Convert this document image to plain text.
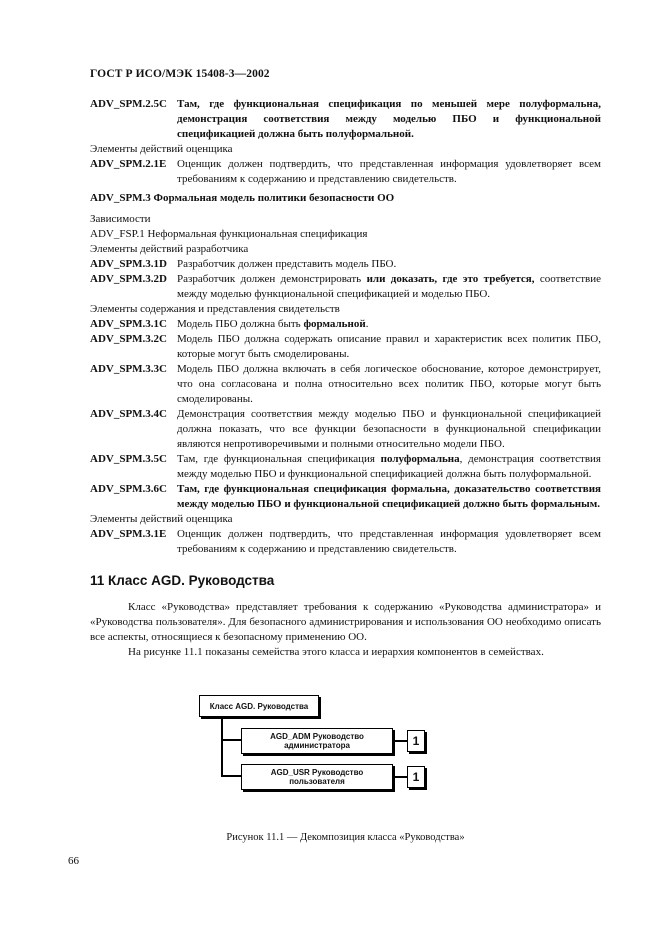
ГОСТ Р ИСО/МЭК 15408-3—2002
ADV_SPM.2.5C Там, где функциональная спецификация по меньшей мере полуформальна, демонстрация соответствия между моделью ПБО и функциональной спецификацией должна быть полуформальной.
Элементы действий оценщика
ADV_SPM.2.1E Оценщик должен подтвердить, что представленная информация удовлетворяет всем требованиям к содержанию и представлению свидетельств.
ADV_SPM.3 Формальная модель политики безопасности ОО
Зависимости
ADV_FSP.1 Неформальная функциональная спецификация
Элементы действий разработчика
ADV_SPM.3.1D Разработчик должен представить модель ПБО.
ADV_SPM.3.2D Разработчик должен демонстрировать или доказать, где это требуется, соответствие между моделью функциональной спецификацией и моделью ПБО.
Элементы содержания и представления свидетельств
ADV_SPM.3.1C Модель ПБО должна быть формальной.
ADV_SPM.3.2C Модель ПБО должна содержать описание правил и характеристик всех политик ПБО, которые могут быть смоделированы.
ADV_SPM.3.3C Модель ПБО должна включать в себя логическое обоснование, которое демонстрирует, что она согласована и полна относительно всех политик ПБО, которые могут быть смоделированы.
ADV_SPM.3.4C Демонстрация соответствия между моделью ПБО и функциональной спецификацией должна показать, что все функции безопасности в функциональной спецификации являются непротиворечивыми и полными относительно модели ПБО.
ADV_SPM.3.5C Там, где функциональная спецификация полуформальна, демонстрация соответствия между моделью ПБО и функциональной спецификацией должна быть полуформальной.
ADV_SPM.3.6C Там, где функциональная спецификация формальна, доказательство соответствия между моделью ПБО и функциональной спецификацией должно быть формальным.
Элементы действий оценщика
ADV_SPM.3.1E Оценщик должен подтвердить, что представленная информация удовлетворяет всем требованиям к содержанию и представлению свидетельств.
11 Класс AGD. Руководства
Класс «Руководства» представляет требования к содержанию «Руководства администратора» и «Руководства пользователя». Для безопасного администрирования и использования ОО необходимо описать все аспекты, относящиеся к безопасному применению ОО.
На рисунке 11.1 показаны семейства этого класса и иерархия компонентов в семействах.
Класс AGD. Руководства
AGD_ADM Руководство администратора	1
AGD_USR Руководство пользователя	1
Рисунок 11.1 — Декомпозиция класса «Руководства»
66
